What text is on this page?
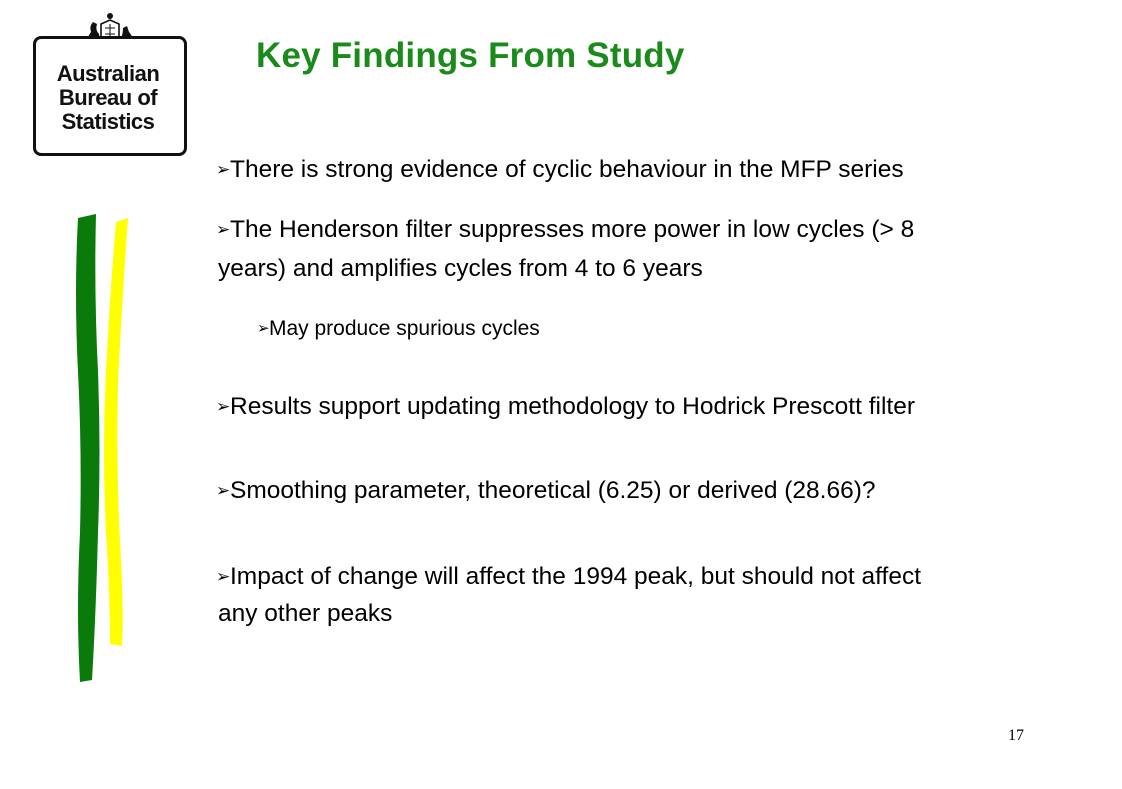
Australian
Bureau of
Statistics
Key Findings From Study
➢There is strong evidence of cyclic behaviour in the MFP series
➢The Henderson filter suppresses more power in low cycles (> 8
years) and amplifies cycles from 4 to 6 years
➢May produce spurious cycles
➢Results support updating methodology to Hodrick Prescott filter
➢Smoothing parameter, theoretical (6.25) or derived (28.66)?
➢Impact of change will affect the 1994 peak, but should not affect
any other peaks
17
